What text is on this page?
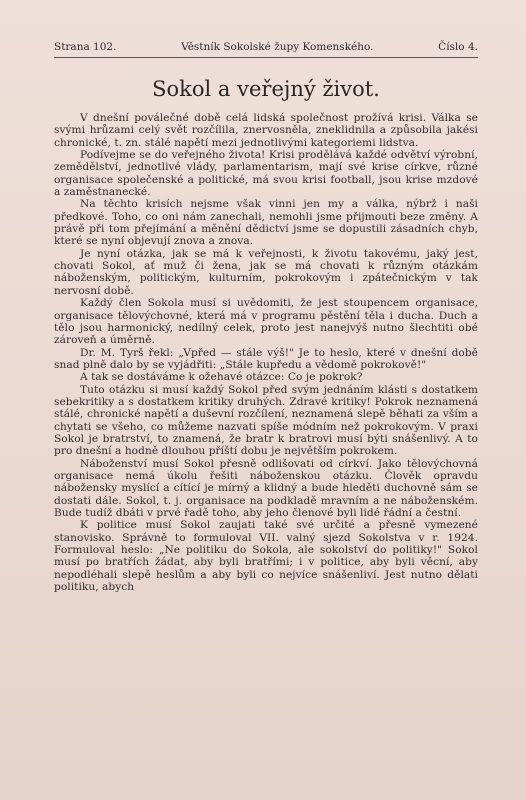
Strana 102.	Věstník Sokolské župy Komenského.	Číslo 4.
Sokol a veřejný život.

V dnešní poválečné době celá lidská společnost prožívá krisi. Válka se svými hrůzami celý svět rozčílila, znervosněla, zneklidnila a způsobila jakési chronické, t. zn. stálé napětí mezi jednotlivými kategoriemi lidstva.

Podívejme se do veřejného života! Krisi prodělává každé odvětví výrobní, zemědělství, jednotlivé vlády, parlamentarism, mají své krise církve, různé organisace společenské a politické, má svou krisi football, jsou krise mzdové a zaměstnanecké.

Na těchto krisích nejsme však vinni jen my a válka, nýbrž i naši předkové. Toho, co oni nám zanechali, nemohli jsme přijmouti beze změny. A právě při tom přejímání a měnění dědictví jsme se dopustili zásadních chyb, které se nyní objevují znova a znova.

Je nyní otázka, jak se má k veřejnosti, k životu takovému, jaký jest, chovati Sokol, ať muž či žena, jak se má chovati k různým otázkám náboženským, politickým, kulturním, pokrokovým i zpátečnickým v tak nervosní době.

Každý člen Sokola musí si uvědomiti, že jest stoupencem organisace, organisace tělovýchovné, která má v programu pěstění těla i ducha. Duch a tělo jsou harmonický, nedílný celek, proto jest nanejvýš nutno šlechtiti obé zároveň a úměrně.

Dr. M. Tyrš řekl: „Vpřed — stále výš!" Je to heslo, které v dnešní době snad plně dalo by se vyjádřiti: „Stále kupředu a vědomě pokrokově!"

A tak se dostáváme k ožehavé otázce: Co je pokrok?

Tuto otázku si musí každý Sokol před svým jednáním klásti s dostatkem sebekritiky a s dostatkem kritiky druhých. Zdravé kritiky! Pokrok neznamená stálé, chronické napětí a duševní rozčílení, neznamená slepě běhati za vším a chytati se všeho, co můžeme nazvati spíše módním než pokrokovým. V praxi Sokol je bratrství, to znamená, že bratr k bratrovi musí býti snášenlivý. A to pro dnešní a hodně dlouhou příští dobu je největším pokrokem.

Náboženství musí Sokol přesně odlišovati od církví. Jako tělovýchovná organisace nemá úkolu řešiti náboženskou otázku. Člověk opravdu nábožensky myslící a cítící je mírný a klidný a bude hleděti duchovně sám se dostati dále. Sokol, t. j. organisace na podkladě mravním a ne náboženském. Bude tudíž dbáti v prvé řadě toho, aby jeho členové byli lidé řádní a čestní.

K politice musí Sokol zaujati také své určité a přesně vymezené stanovisko. Správně to formuloval VII. valný sjezd Sokolstva v r. 1924. Formuloval heslo: „Ne politiku do Sokola, ale sokolství do politiky!" Sokol musí po bratřích žádat, aby byli bratřími; i v politice, aby byli věcní, aby nepodléhali slepě heslům a aby byli co nejvíce snášenliví. Jest nutno dělati politiku, abych
